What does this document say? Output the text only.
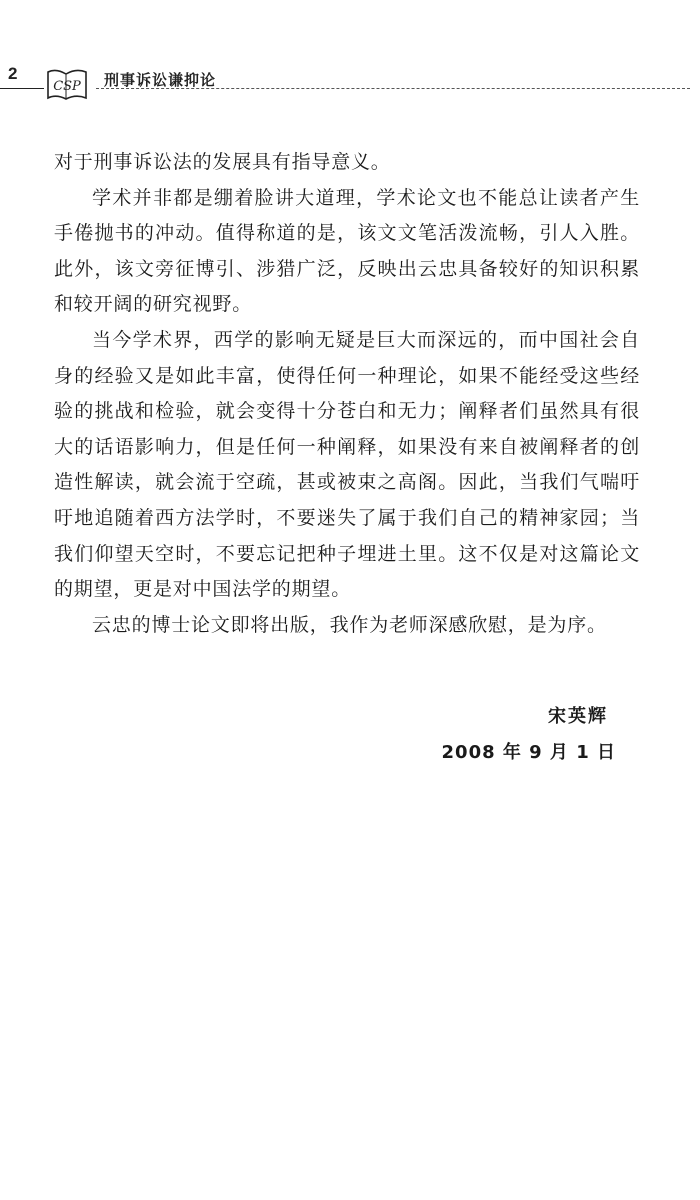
2
CSP 刑事诉讼谦抑论

对于刑事诉讼法的发展具有指导意义。

学术并非都是绷着脸讲大道理，学术论文也不能总让读者产生手倦抛书的冲动。值得称道的是，该文文笔活泼流畅，引人入胜。此外，该文旁征博引、涉猎广泛，反映出云忠具备较好的知识积累和较开阔的研究视野。

当今学术界，西学的影响无疑是巨大而深远的，而中国社会自身的经验又是如此丰富，使得任何一种理论，如果不能经受这些经验的挑战和检验，就会变得十分苍白和无力；阐释者们虽然具有很大的话语影响力，但是任何一种阐释，如果没有来自被阐释者的创造性解读，就会流于空疏，甚或被束之高阁。因此，当我们气喘吁吁地追随着西方法学时，不要迷失了属于我们自己的精神家园；当我们仰望天空时，不要忘记把种子埋进土里。这不仅是对这篇论文的期望，更是对中国法学的期望。

云忠的博士论文即将出版，我作为老师深感欣慰，是为序。

宋英辉
2008 年 9 月 1 日
